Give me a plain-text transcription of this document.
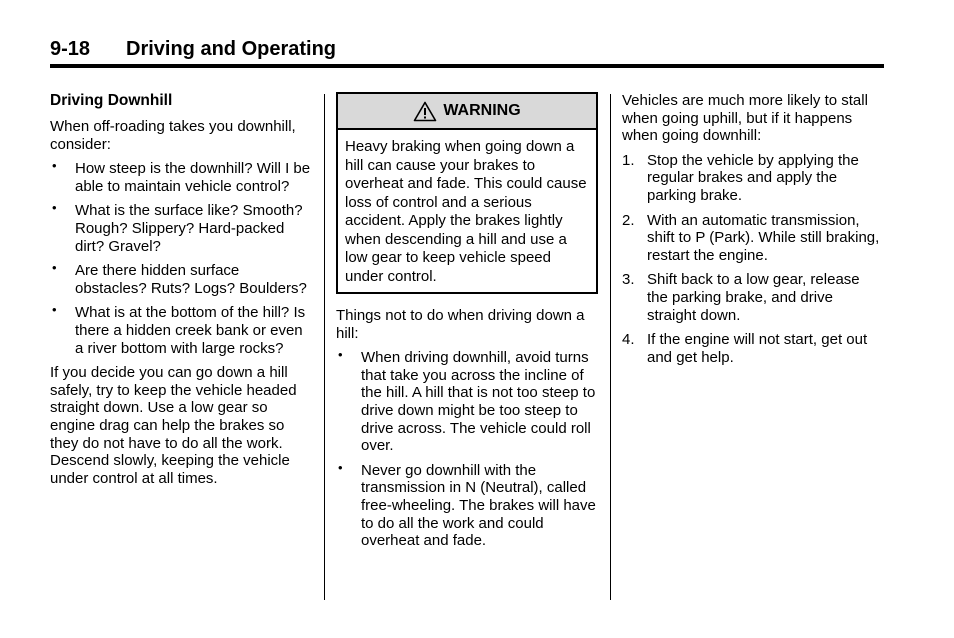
9-18 Driving and Operating
Driving Downhill

When off-roading takes you downhill, consider:

• How steep is the downhill? Will I be able to maintain vehicle control?
• What is the surface like? Smooth? Rough? Slippery? Hard-packed dirt? Gravel?
• Are there hidden surface obstacles? Ruts? Logs? Boulders?
• What is at the bottom of the hill? Is there a hidden creek bank or even a river bottom with large rocks?

If you decide you can go down a hill safely, try to keep the vehicle headed straight down. Use a low gear so engine drag can help the brakes so they do not have to do all the work. Descend slowly, keeping the vehicle under control at all times.

WARNING
Heavy braking when going down a hill can cause your brakes to overheat and fade. This could cause loss of control and a serious accident. Apply the brakes lightly when descending a hill and use a low gear to keep vehicle speed under control.

Things not to do when driving down a hill:

• When driving downhill, avoid turns that take you across the incline of the hill. A hill that is not too steep to drive down might be too steep to drive across. The vehicle could roll over.
• Never go downhill with the transmission in N (Neutral), called free-wheeling. The brakes will have to do all the work and could overheat and fade.

Vehicles are much more likely to stall when going uphill, but if it happens when going downhill:

1. Stop the vehicle by applying the regular brakes and apply the parking brake.
2. With an automatic transmission, shift to P (Park). While still braking, restart the engine.
3. Shift back to a low gear, release the parking brake, and drive straight down.
4. If the engine will not start, get out and get help.
